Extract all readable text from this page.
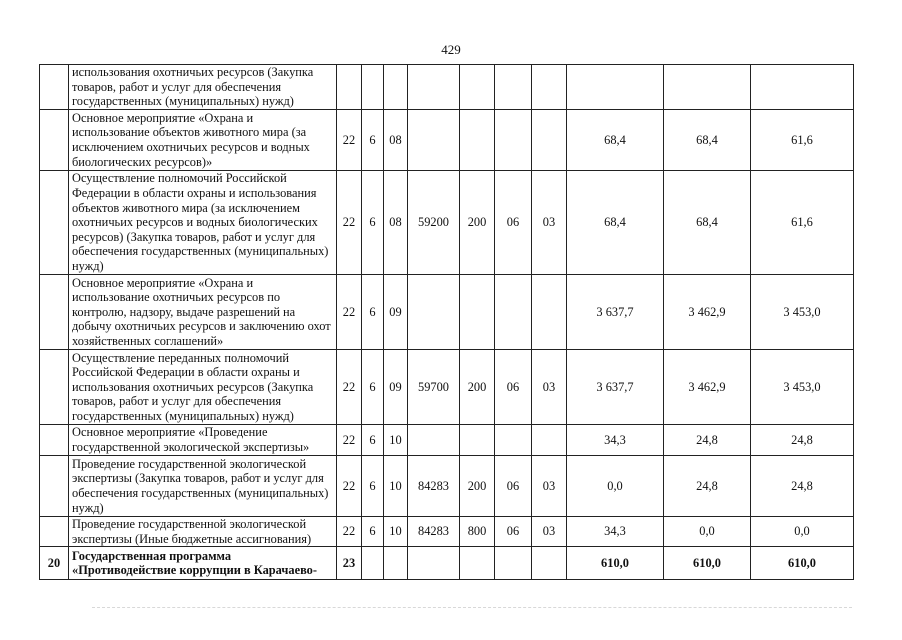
429
	использования охотничьих ресурсов (Закупка товаров, работ и услуг для обеспечения государственных (муниципальных) нужд)										
	Основное мероприятие «Охрана и использование объектов животного мира (за исключением охотничьих ресурсов и водных биологических ресурсов)»	22	6	08					68,4	68,4	61,6
	Осуществление полномочий Российской Федерации в области охраны и использования объектов животного мира (за исключением охотничьих ресурсов и водных биологических ресурсов) (Закупка товаров, работ и услуг для обеспечения государственных (муниципальных) нужд)	22	6	08	59200	200	06	03	68,4	68,4	61,6
	Основное мероприятие «Охрана и использование охотничьих ресурсов по контролю, надзору, выдаче разрешений на добычу охотничьих ресурсов и заключению охот хозяйственных соглашений»	22	6	09					3 637,7	3 462,9	3 453,0
	Осуществление переданных полномочий Российской Федерации в области охраны и использования охотничьих ресурсов (Закупка товаров, работ и услуг для обеспечения государственных (муниципальных) нужд)	22	6	09	59700	200	06	03	3 637,7	3 462,9	3 453,0
	Основное мероприятие «Проведение государственной экологической экспертизы»	22	6	10					34,3	24,8	24,8
	Проведение государственной экологической экспертизы (Закупка товаров, работ и услуг для обеспечения государственных (муниципальных) нужд)	22	6	10	84283	200	06	03	0,0	24,8	24,8
	Проведение государственной экологической экспертизы (Иные бюджетные ассигнования)	22	6	10	84283	800	06	03	34,3	0,0	0,0
20	Государственная программа «Противодействие коррупции в Карачаево-	23							610,0	610,0	610,0
